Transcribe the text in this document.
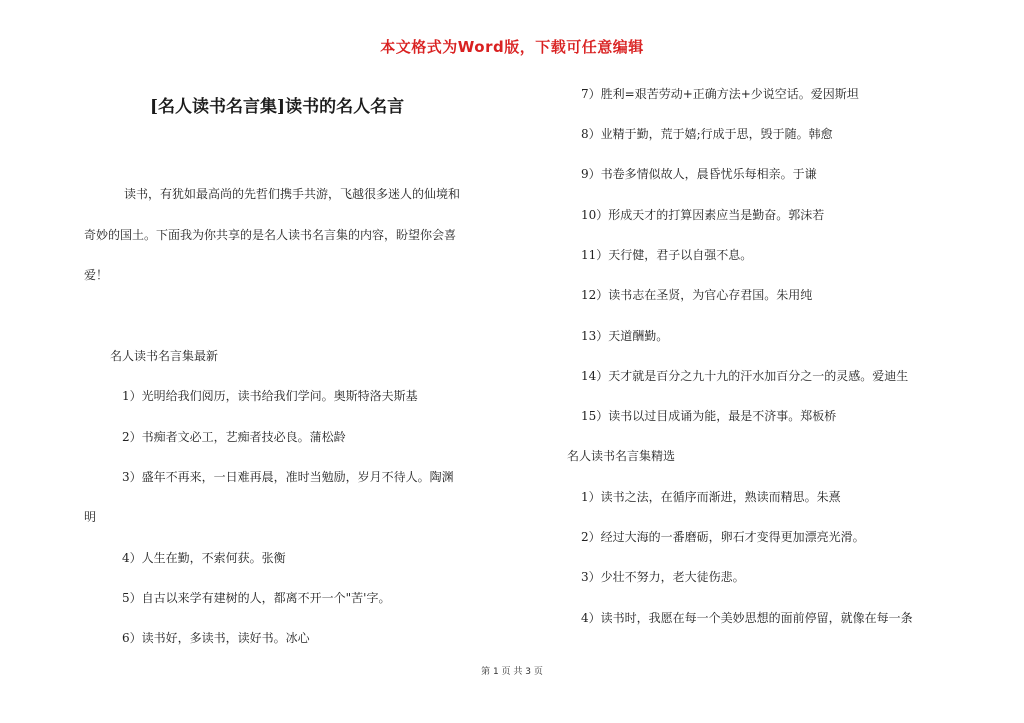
本文格式为Word版，下载可任意编辑
[名人读书名言集]读书的名人名言
读书，有犹如最高尚的先哲们携手共游，飞越很多迷人的仙境和
奇妙的国土。下面我为你共享的是名人读书名言集的内容，盼望你会喜
爱！
名人读书名言集最新
1）光明给我们阅历，读书给我们学问。奥斯特洛夫斯基
2）书痴者文必工，艺痴者技必良。蒲松龄
3）盛年不再来，一日难再晨，准时当勉励，岁月不待人。陶渊
明
4）人生在勤，不索何获。张衡
5）自古以来学有建树的人，都离不开一个"苦'字。
6）读书好，多读书，读好书。冰心
7）胜利=艰苦劳动+正确方法+少说空话。爱因斯坦
8）业精于勤，荒于嬉;行成于思，毁于随。韩愈
9）书卷多情似故人，晨昏忧乐每相亲。于谦
10）形成天才的打算因素应当是勤奋。郭沫若
11）天行健，君子以自强不息。
12）读书志在圣贤，为官心存君国。朱用纯
13）天道酬勤。
14）天才就是百分之九十九的汗水加百分之一的灵感。爱迪生
15）读书以过目成诵为能，最是不济事。郑板桥
名人读书名言集精选
1）读书之法，在循序而渐进，熟读而精思。朱熹
2）经过大海的一番磨砺，卵石才变得更加漂亮光滑。
3）少壮不努力，老大徒伤悲。
4）读书时，我愿在每一个美妙思想的面前停留，就像在每一条
第 1 页 共 3 页
